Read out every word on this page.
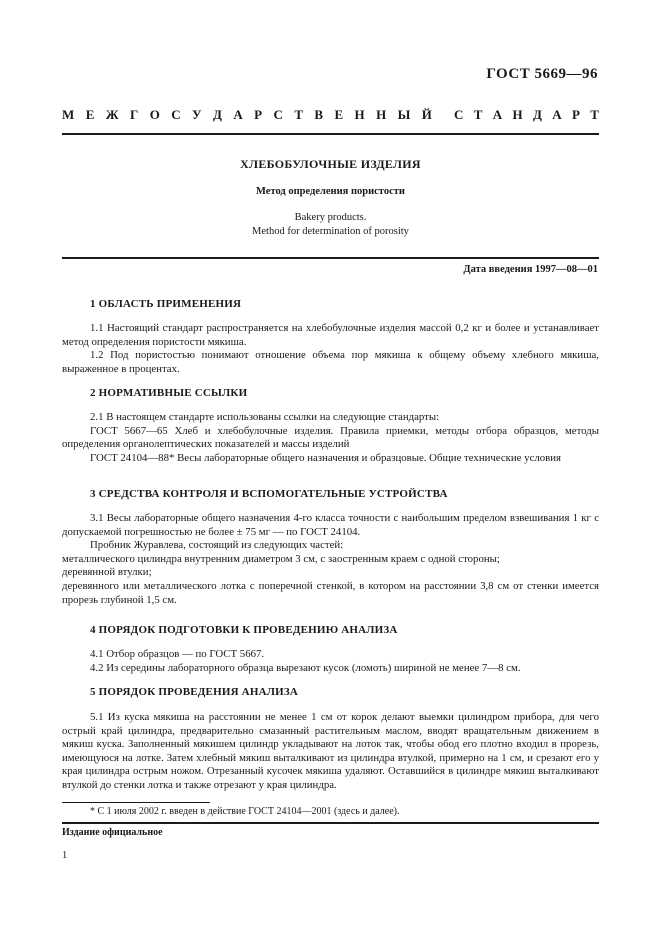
ГОСТ 5669—96
М Е Ж Г О С У Д А Р С Т В Е Н Н Ы Й С Т А Н Д А Р Т
ХЛЕБОБУЛОЧНЫЕ ИЗДЕЛИЯ
Метод определения пористости
Bakery products.
Method for determination of porosity
Дата введения 1997—08—01
1 ОБЛАСТЬ ПРИМЕНЕНИЯ

1.1 Настоящий стандарт распространяется на хлебобулочные изделия массой 0,2 кг и более и устанавливает метод определения пористости мякиша.

1.2 Под пористостью понимают отношение объема пор мякиша к общему объему хлебного мякиша, выраженное в процентах.

2 НОРМАТИВНЫЕ ССЫЛКИ

2.1 В настоящем стандарте использованы ссылки на следующие стандарты:

ГОСТ 5667—65 Хлеб и хлебобулочные изделия. Правила приемки, методы отбора образцов, методы определения органолептических показателей и массы изделий

ГОСТ 24104—88* Весы лабораторные общего назначения и образцовые. Общие технические условия

3 СРЕДСТВА КОНТРОЛЯ И ВСПОМОГАТЕЛЬНЫЕ УСТРОЙСТВА

3.1 Весы лабораторные общего назначения 4-го класса точности с наибольшим пределом взвешивания 1 кг с допускаемой погрешностью не более ± 75 мг — по ГОСТ 24104.

Пробник Журавлева, состоящий из следующих частей:

металлического цилиндра внутренним диаметром 3 см, с заостренным краем с одной стороны;

деревянной втулки;

деревянного или металлического лотка с поперечной стенкой, в котором на расстоянии 3,8 см от стенки имеется прорезь глубиной 1,5 см.

4 ПОРЯДОК ПОДГОТОВКИ К ПРОВЕДЕНИЮ АНАЛИЗА

4.1 Отбор образцов — по ГОСТ 5667.

4.2 Из середины лабораторного образца вырезают кусок (ломоть) шириной не менее 7—8 см.

5 ПОРЯДОК ПРОВЕДЕНИЯ АНАЛИЗА

5.1 Из куска мякиша на расстоянии не менее 1 см от корок делают выемки цилиндром прибора, для чего острый край цилиндра, предварительно смазанный растительным маслом, вводят вращательным движением в мякиш куска. Заполненный мякишем цилиндр укладывают на лоток так, чтобы обод его плотно входил в прорезь, имеющуюся на лотке. Затем хлебный мякиш выталкивают из цилиндра втулкой, примерно на 1 см, и срезают его у края цилиндра острым ножом. Отрезанный кусочек мякиша удаляют. Оставшийся в цилиндре мякиш выталкивают втулкой до стенки лотка и также отрезают у края цилиндра.

* С 1 июля 2002 г. введен в действие ГОСТ 24104—2001 (здесь и далее).
Издание официальное
1
